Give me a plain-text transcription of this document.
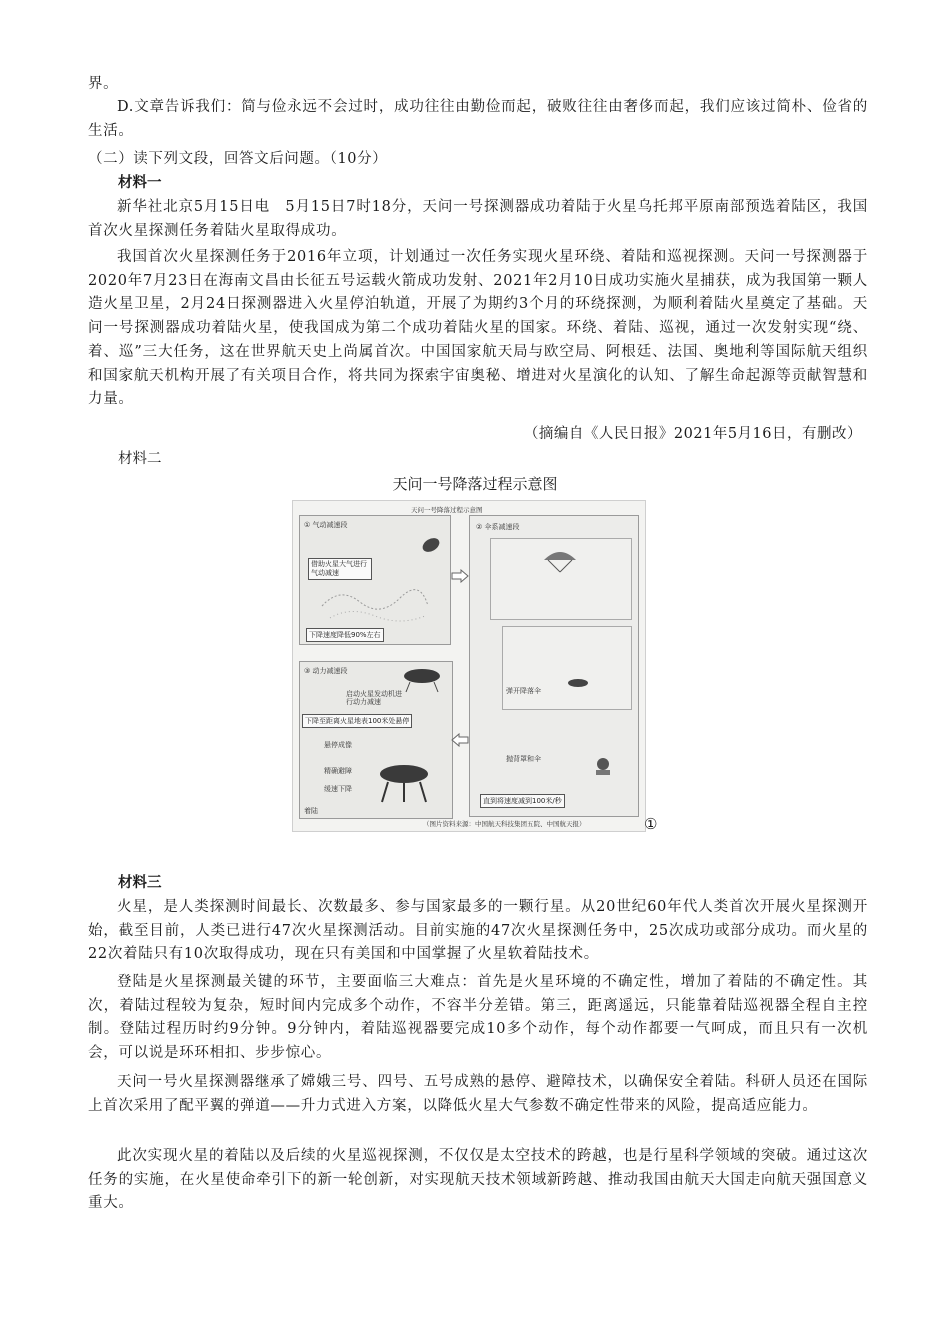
界。
D.文章告诉我们：简与俭永远不会过时，成功往往由勤俭而起，破败往往由奢侈而起，我们应该过简朴、俭省的生活。
（二）读下列文段，回答文后问题。（10分）
材料一
新华社北京5月15日电　5月15日7时18分，天问一号探测器成功着陆于火星乌托邦平原南部预选着陆区，我国首次火星探测任务着陆火星取得成功。
我国首次火星探测任务于2016年立项，计划通过一次任务实现火星环绕、着陆和巡视探测。天问一号探测器于2020年7月23日在海南文昌由长征五号运载火箭成功发射、2021年2月10日成功实施火星捕获，成为我国第一颗人造火星卫星，2月24日探测器进入火星停泊轨道，开展了为期约3个月的环绕探测，为顺利着陆火星奠定了基础。天问一号探测器成功着陆火星，使我国成为第二个成功着陆火星的国家。环绕、着陆、巡视，通过一次发射实现“绕、着、巡”三大任务，这在世界航天史上尚属首次。中国国家航天局与欧空局、阿根廷、法国、奥地利等国际航天组织和国家航天机构开展了有关项目合作，将共同为探索宇宙奥秘、增进对火星演化的认知、了解生命起源等贡献智慧和力量。
（摘编自《人民日报》2021年5月16日，有删改）
材料二
天问一号降落过程示意图
天问一号降落过程示意图
① 气动减速段
借助火星大气进行气动减速
下降速度降低90%左右
② 伞系减速段
弹开降落伞
抛背罩和伞
直到将速度减到100米/秒
③ 动力减速段
启动火星发动机进行动力减速
下降至距离火星地表100米处悬停
悬停成像
精确避障
缓速下降
着陆
（图片资料来源：中国航天科技集团五院、中国航天报）	①
材料三
火星，是人类探测时间最长、次数最多、参与国家最多的一颗行星。从20世纪60年代人类首次开展火星探测开始，截至目前，人类已进行47次火星探测活动。目前实施的47次火星探测任务中，25次成功或部分成功。而火星的22次着陆只有10次取得成功，现在只有美国和中国掌握了火星软着陆技术。
登陆是火星探测最关键的环节，主要面临三大难点：首先是火星环境的不确定性，增加了着陆的不确定性。其次，着陆过程较为复杂，短时间内完成多个动作，不容半分差错。第三，距离遥远，只能靠着陆巡视器全程自主控制。登陆过程历时约9分钟。9分钟内，着陆巡视器要完成10多个动作，每个动作都要一气呵成，而且只有一次机会，可以说是环环相扣、步步惊心。
天问一号火星探测器继承了嫦娥三号、四号、五号成熟的悬停、避障技术，以确保安全着陆。科研人员还在国际上首次采用了配平翼的弹道——升力式进入方案，以降低火星大气参数不确定性带来的风险，提高适应能力。
此次实现火星的着陆以及后续的火星巡视探测，不仅仅是太空技术的跨越，也是行星科学领域的突破。通过这次任务的实施，在火星使命牵引下的新一轮创新，对实现航天技术领域新跨越、推动我国由航天大国走向航天强国意义重大。
